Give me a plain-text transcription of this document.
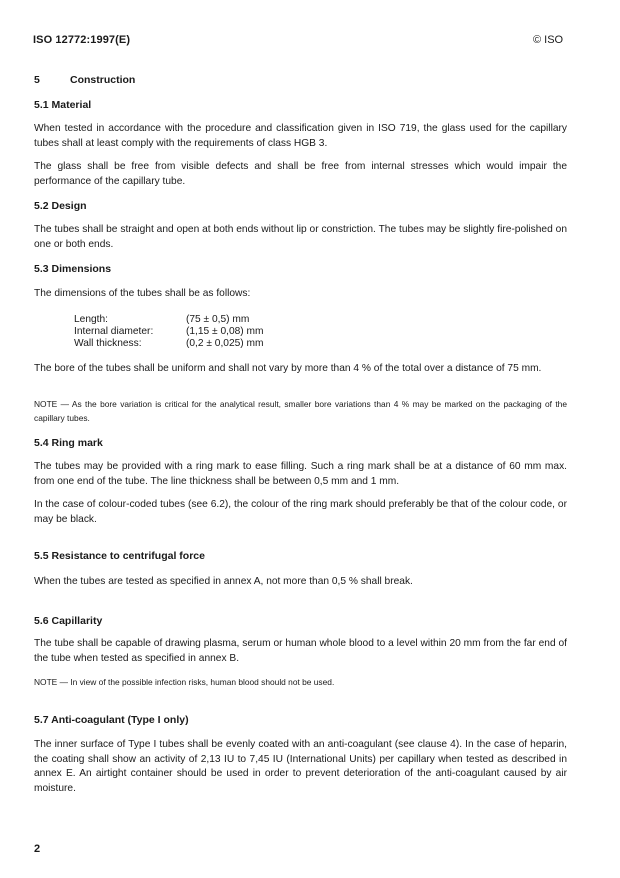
ISO 12772:1997(E)	© ISO
5	Construction
5.1 Material

When tested in accordance with the procedure and classification given in ISO 719, the glass used for the capillary tubes shall at least comply with the requirements of class HGB 3.

The glass shall be free from visible defects and shall be free from internal stresses which would impair the performance of the capillary tube.

5.2 Design

The tubes shall be straight and open at both ends without lip or constriction. The tubes may be slightly fire-polished on one or both ends.

5.3 Dimensions

The dimensions of the tubes shall be as follows:

Length:	(75 ± 0,5) mm
Internal diameter:	(1,15 ± 0,08) mm
Wall thickness:	(0,2 ± 0,025) mm

The bore of the tubes shall be uniform and shall not vary by more than 4 % of the total over a distance of 75 mm.

NOTE — As the bore variation is critical for the analytical result, smaller bore variations than 4 % may be marked on the packaging of the capillary tubes.

5.4 Ring mark

The tubes may be provided with a ring mark to ease filling. Such a ring mark shall be at a distance of 60 mm max. from one end of the tube. The line thickness shall be between 0,5 mm and 1 mm.

In the case of colour-coded tubes (see 6.2), the colour of the ring mark should preferably be that of the colour code, or may be black.

5.5 Resistance to centrifugal force

When the tubes are tested as specified in annex A, not more than 0,5 % shall break.

5.6 Capillarity

The tube shall be capable of drawing plasma, serum or human whole blood to a level within 20 mm from the far end of the tube when tested as specified in annex B.

NOTE — In view of the possible infection risks, human blood should not be used.

5.7 Anti-coagulant (Type I only)

The inner surface of Type I tubes shall be evenly coated with an anti-coagulant (see clause 4). In the case of heparin, the coating shall show an activity of 2,13 IU to 7,45 IU (International Units) per capillary when tested as described in annex E. An airtight container should be used in order to prevent deterioration of the anti-coagulant caused by air moisture.

2
